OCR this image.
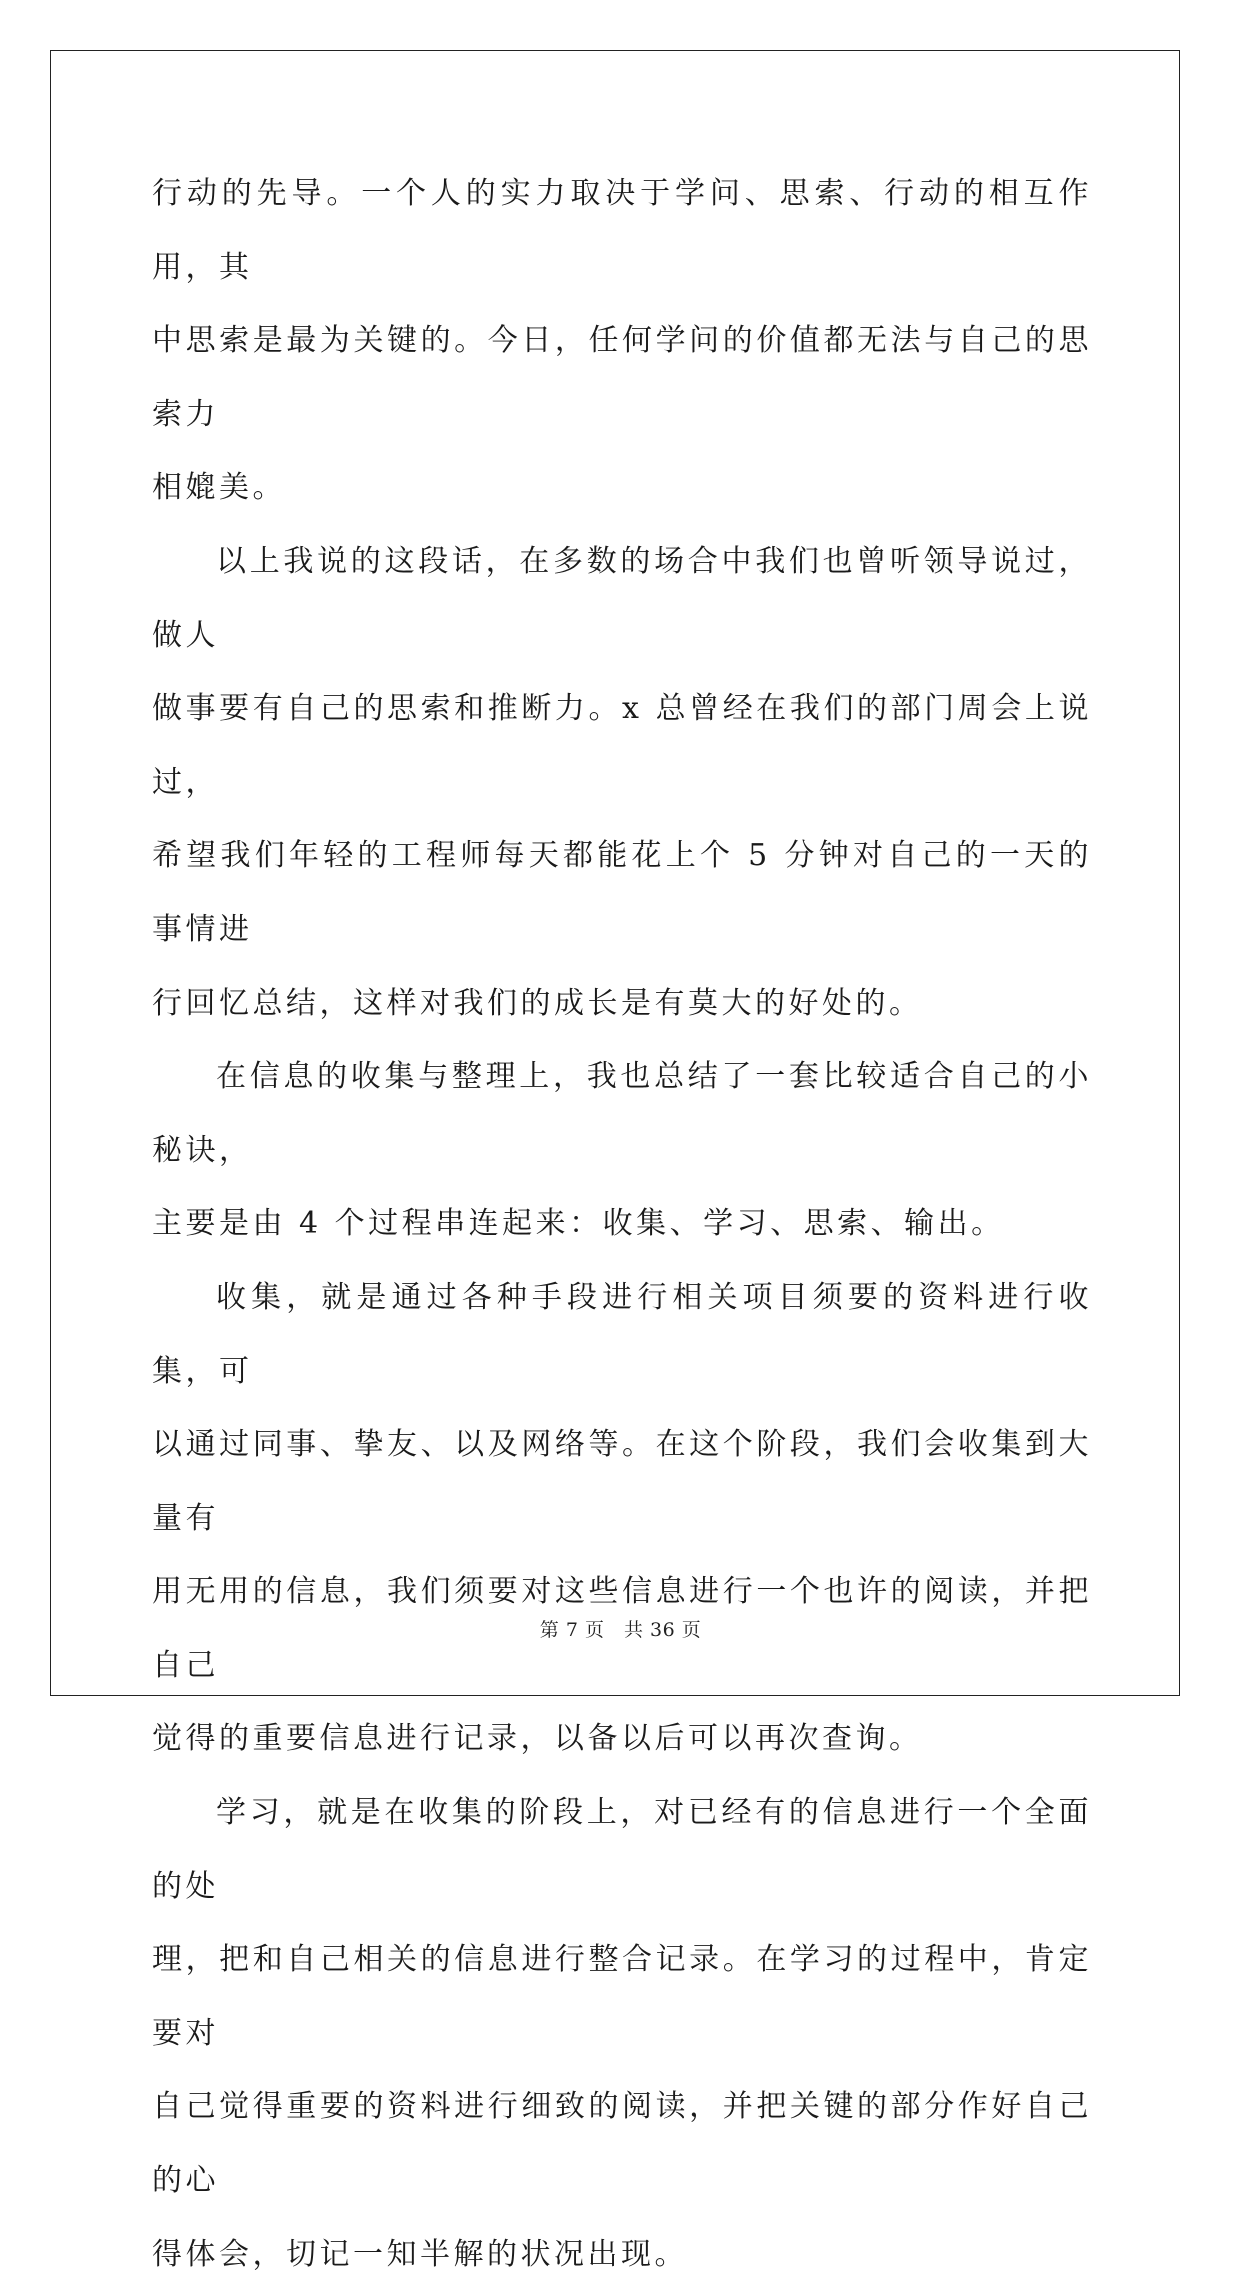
行动的先导。一个人的实力取决于学问、思索、行动的相互作用，其
中思索是最为关键的。今日，任何学问的价值都无法与自己的思索力
相媲美。

以上我说的这段话，在多数的场合中我们也曾听领导说过，做人
做事要有自己的思索和推断力。x 总曾经在我们的部门周会上说过，
希望我们年轻的工程师每天都能花上个 5 分钟对自己的一天的事情进
行回忆总结，这样对我们的成长是有莫大的好处的。

在信息的收集与整理上，我也总结了一套比较适合自己的小秘诀，
主要是由 4 个过程串连起来：收集、学习、思索、输出。

收集，就是通过各种手段进行相关项目须要的资料进行收集，可
以通过同事、挚友、以及网络等。在这个阶段，我们会收集到大量有
用无用的信息，我们须要对这些信息进行一个也许的阅读，并把自己
觉得的重要信息进行记录，以备以后可以再次查询。

学习，就是在收集的阶段上，对已经有的信息进行一个全面的处
理，把和自己相关的信息进行整合记录。在学习的过程中，肯定要对
自己觉得重要的资料进行细致的阅读，并把关键的部分作好自己的心
得体会，切记一知半解的状况出现。

第 7 页　共 36 页
